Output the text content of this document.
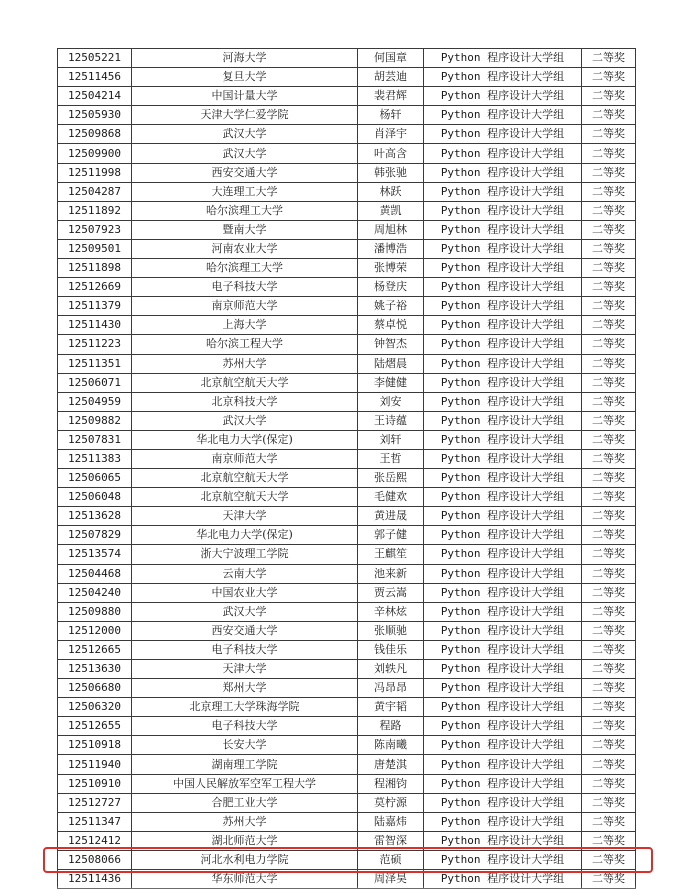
12505221	河海大学	何国章	Python 程序设计大学组	二等奖
12511456	复旦大学	胡芸迪	Python 程序设计大学组	二等奖
12504214	中国计量大学	裴君辉	Python 程序设计大学组	二等奖
12505930	天津大学仁爱学院	杨轩	Python 程序设计大学组	二等奖
12509868	武汉大学	肖泽宇	Python 程序设计大学组	二等奖
12509900	武汉大学	叶高含	Python 程序设计大学组	二等奖
12511998	西安交通大学	韩张驰	Python 程序设计大学组	二等奖
12504287	大连理工大学	林跃	Python 程序设计大学组	二等奖
12511892	哈尔滨理工大学	黄凯	Python 程序设计大学组	二等奖
12507923	暨南大学	周旭林	Python 程序设计大学组	二等奖
12509501	河南农业大学	潘博浩	Python 程序设计大学组	二等奖
12511898	哈尔滨理工大学	张博荣	Python 程序设计大学组	二等奖
12512669	电子科技大学	杨登庆	Python 程序设计大学组	二等奖
12511379	南京师范大学	姚子裕	Python 程序设计大学组	二等奖
12511430	上海大学	蔡卓悦	Python 程序设计大学组	二等奖
12511223	哈尔滨工程大学	钟智杰	Python 程序设计大学组	二等奖
12511351	苏州大学	陆熠晨	Python 程序设计大学组	二等奖
12506071	北京航空航天大学	李健健	Python 程序设计大学组	二等奖
12504959	北京科技大学	刘安	Python 程序设计大学组	二等奖
12509882	武汉大学	王诗蕴	Python 程序设计大学组	二等奖
12507831	华北电力大学(保定)	刘轩	Python 程序设计大学组	二等奖
12511383	南京师范大学	王哲	Python 程序设计大学组	二等奖
12506065	北京航空航天大学	张岳熙	Python 程序设计大学组	二等奖
12506048	北京航空航天大学	毛健欢	Python 程序设计大学组	二等奖
12513628	天津大学	黄进晟	Python 程序设计大学组	二等奖
12507829	华北电力大学(保定)	郭子健	Python 程序设计大学组	二等奖
12513574	浙大宁波理工学院	王麒笙	Python 程序设计大学组	二等奖
12504468	云南大学	池来新	Python 程序设计大学组	二等奖
12504240	中国农业大学	贾云嵩	Python 程序设计大学组	二等奖
12509880	武汉大学	辛林炫	Python 程序设计大学组	二等奖
12512000	西安交通大学	张顺驰	Python 程序设计大学组	二等奖
12512665	电子科技大学	钱佳乐	Python 程序设计大学组	二等奖
12513630	天津大学	刘轶凡	Python 程序设计大学组	二等奖
12506680	郑州大学	冯昂昂	Python 程序设计大学组	二等奖
12506320	北京理工大学珠海学院	黄宇韬	Python 程序设计大学组	二等奖
12512655	电子科技大学	程路	Python 程序设计大学组	二等奖
12510918	长安大学	陈南曦	Python 程序设计大学组	二等奖
12511940	湖南理工学院	唐楚淇	Python 程序设计大学组	二等奖
12510910	中国人民解放军空军工程大学	程湘钧	Python 程序设计大学组	二等奖
12512727	合肥工业大学	莫柠源	Python 程序设计大学组	二等奖
12511347	苏州大学	陆嘉炜	Python 程序设计大学组	二等奖
12512412	湖北师范大学	雷智深	Python 程序设计大学组	二等奖
12508066	河北水利电力学院	范硕	Python 程序设计大学组	二等奖
12511436	华东师范大学	周泽昊	Python 程序设计大学组	二等奖
